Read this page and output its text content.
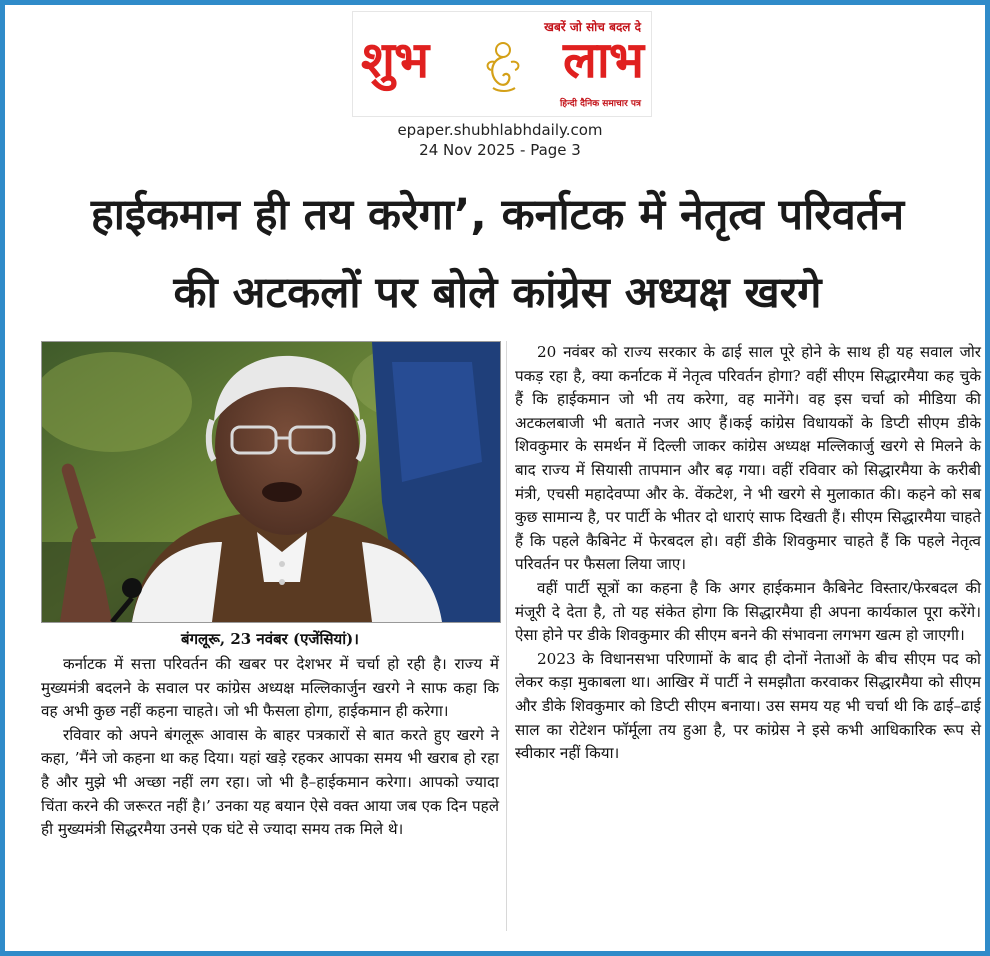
खबरें जो सोच बदल दे
शुभ	लाभ
हिन्दी दैनिक समाचार पत्र
epaper.shubhlabhdaily.com
24 Nov 2025 - Page 3
हाईकमान ही तय करेगा’, कर्नाटक में नेतृत्व परिवर्तन
की अटकलों पर बोले कांग्रेस अध्यक्ष खरगे
बंगलूरू, 23 नवंबर (एजेंसियां)।

कर्नाटक में सत्ता परिवर्तन की खबर पर देशभर में चर्चा हो रही है। राज्य में मुख्यमंत्री बदलने के सवाल पर कांग्रेस अध्यक्ष मल्लिकार्जुन खरगे ने साफ कहा कि वह अभी कुछ नहीं कहना चाहते। जो भी फैसला होगा, हाईकमान ही करेगा।

रविवार को अपने बंगलूरू आवास के बाहर पत्रकारों से बात करते हुए खरगे ने कहा, ’मैंने जो कहना था कह दिया। यहां खड़े रहकर आपका समय भी खराब हो रहा है और मुझे भी अच्छा नहीं लग रहा। जो भी है–हाईकमान करेगा। आपको ज्यादा चिंता करने की जरूरत नहीं है।’ उनका यह बयान ऐसे वक्त आया जब एक दिन पहले ही मुख्यमंत्री सिद्धरमैया उनसे एक घंटे से ज्यादा समय तक मिले थे।

20 नवंबर को राज्य सरकार के ढाई साल पूरे होने के साथ ही यह सवाल जोर पकड़ रहा है, क्या कर्नाटक में नेतृत्व परिवर्तन होगा? वहीं सीएम सिद्धारमैया कह चुके हैं कि हाईकमान जो भी तय करेगा, वह मानेंगे। वह इस चर्चा को मीडिया की अटकलबाजी भी बताते नजर आए हैं।कई कांग्रेस विधायकों के डिप्टी सीएम डीके शिवकुमार के समर्थन में दिल्ली जाकर कांग्रेस अध्यक्ष मल्लिकार्जु खरगे से मिलने के बाद राज्य में सियासी तापमान और बढ़ गया। वहीं रविवार को सिद्धारमैया के करीबी मंत्री, एचसी महादेवप्पा और के. वेंकटेश, ने भी खरगे से मुलाकात की। कहने को सब कुछ सामान्य है, पर पार्टी के भीतर दो धाराएं साफ दिखती हैं। सीएम सिद्धारमैया चाहते हैं कि पहले कैबिनेट में फेरबदल हो। वहीं डीके शिवकुमार चाहते हैं कि पहले नेतृत्व परिवर्तन पर फैसला लिया जाए।

वहीं पार्टी सूत्रों का कहना है कि अगर हाईकमान कैबिनेट विस्तार/फेरबदल की मंजूरी दे देता है, तो यह संकेत होगा कि सिद्धारमैया ही अपना कार्यकाल पूरा करेंगे। ऐसा होने पर डीके शिवकुमार की सीएम बनने की संभावना लगभग खत्म हो जाएगी।

2023 के विधानसभा परिणामों के बाद ही दोनों नेताओं के बीच सीएम पद को लेकर कड़ा मुकाबला था। आखिर में पार्टी ने समझौता करवाकर सिद्धारमैया को सीएम और डीके शिवकुमार को डिप्टी सीएम बनाया। उस समय यह भी चर्चा थी कि ढाई–ढाई साल का रोटेशन फॉर्मूला तय हुआ है, पर कांग्रेस ने इसे कभी आधिकारिक रूप से स्वीकार नहीं किया।
